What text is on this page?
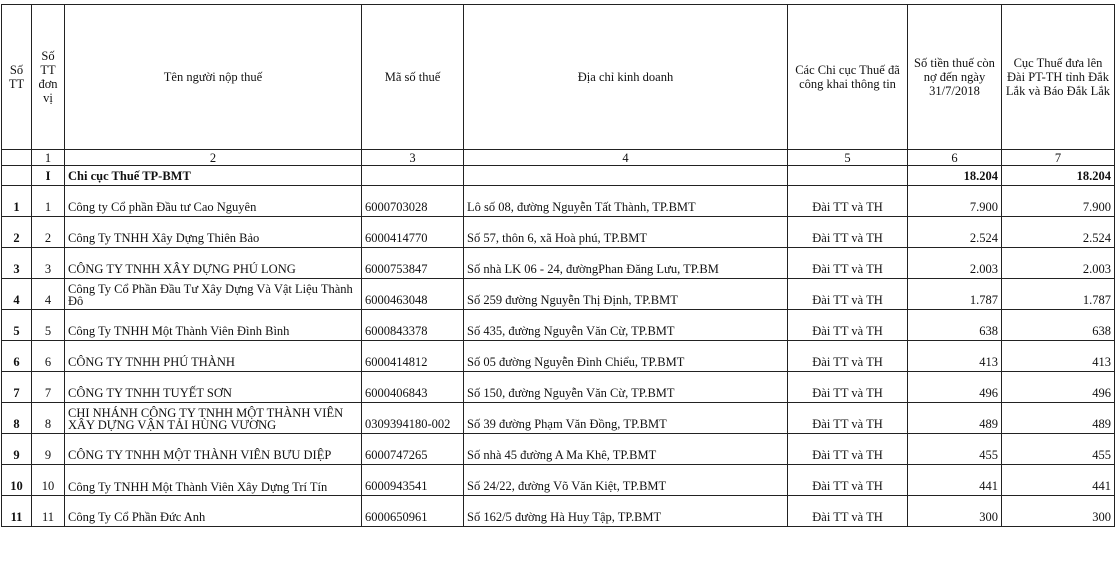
Số TT	Số TT đơn vị	Tên người nộp thuế	Mã số thuế	Địa chỉ kinh doanh	Các Chi cục Thuế đã công khai thông tin	Số tiền thuế còn nợ đến ngày 31/7/2018	Cục Thuế đưa lên Đài PT-TH tỉnh Đắk Lắk và Báo Đắk Lắk
	1	2	3	4	5	6	7
	I	Chi cục Thuế TP-BMT				18.204	18.204
1	1	Công ty Cổ phần Đầu tư Cao Nguyên	6000703028	Lô số 08, đường Nguyễn Tất Thành, TP.BMT	Đài TT và TH	7.900	7.900
2	2	Công Ty TNHH Xây Dựng Thiên Bảo	6000414770	Số 57, thôn 6, xã Hoà phú, TP.BMT	Đài TT và TH	2.524	2.524
3	3	CÔNG TY TNHH XÂY DỰNG PHÚ LONG	6000753847	Số nhà LK 06 - 24, đườngPhan Đăng Lưu, TP.BM	Đài TT và TH	2.003	2.003
4	4	Công Ty Cổ Phần Đầu Tư Xây Dựng Và Vật Liệu Thành Đô	6000463048	Số 259 đường Nguyễn Thị Định, TP.BMT	Đài TT và TH	1.787	1.787
5	5	Công Ty TNHH Một Thành Viên Đình Bình	6000843378	Số 435, đường Nguyễn Văn Cừ, TP.BMT	Đài TT và TH	638	638
6	6	CÔNG TY TNHH PHÚ THÀNH	6000414812	Số 05 đường Nguyễn Đình Chiểu, TP.BMT	Đài TT và TH	413	413
7	7	CÔNG TY TNHH TUYẾT SƠN	6000406843	Số 150, đường Nguyễn Văn Cừ, TP.BMT	Đài TT và TH	496	496
8	8	CHI NHÁNH CÔNG TY TNHH MỘT THÀNH VIÊN XÂY DỰNG VẬN TẢI HÙNG VƯƠNG	0309394180-002	Số 39 đường Phạm Văn Đồng, TP.BMT	Đài TT và TH	489	489
9	9	CÔNG TY TNHH MỘT THÀNH VIÊN BƯU DIỆP	6000747265	Số nhà 45 đường A Ma Khê, TP.BMT	Đài TT và TH	455	455
10	10	Công Ty TNHH Một Thành Viên Xây Dựng Trí Tín	6000943541	Số 24/22, đường Võ Văn Kiệt, TP.BMT	Đài TT và TH	441	441
11	11	Công Ty Cổ Phần Đức Anh	6000650961	Số 162/5 đường Hà Huy Tập, TP.BMT	Đài TT và TH	300	300
